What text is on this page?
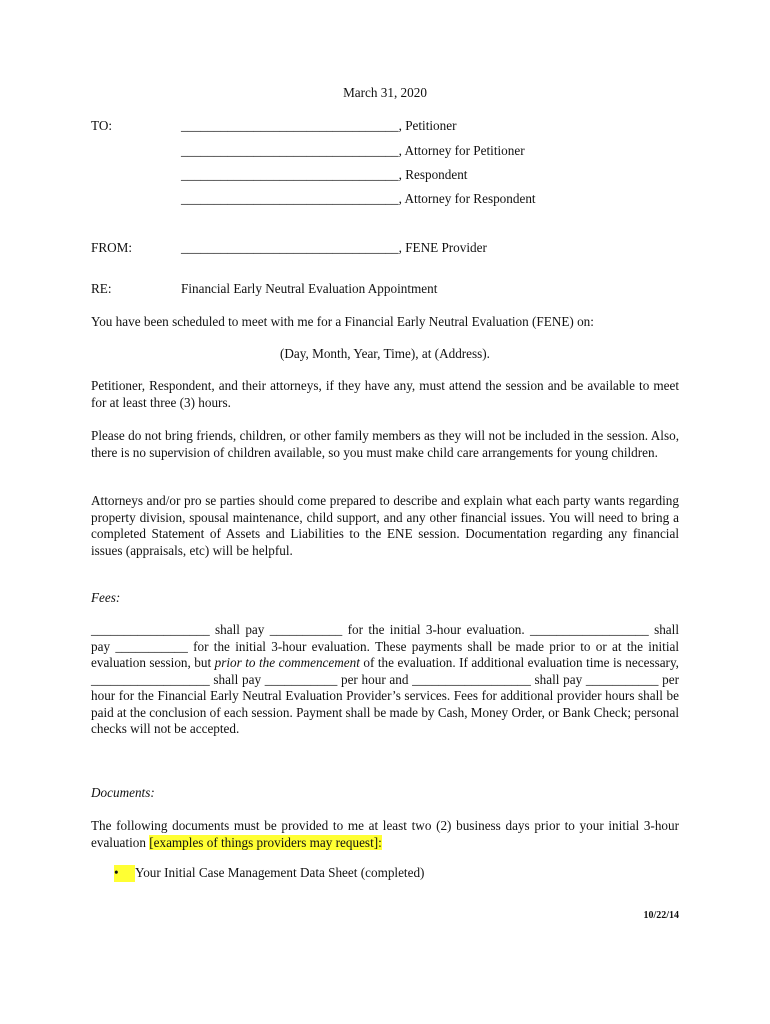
March 31, 2020
TO:	_________________________________, Petitioner
_________________________________, Attorney for Petitioner
_________________________________, Respondent
_________________________________, Attorney for Respondent
FROM:	_________________________________, FENE Provider
RE:	Financial Early Neutral Evaluation Appointment
You have been scheduled to meet with me for a Financial Early Neutral Evaluation (FENE) on:
(Day, Month, Year, Time), at (Address).
Petitioner, Respondent, and their attorneys, if they have any, must attend the session and be available to meet for at least three (3) hours.
Please do not bring friends, children, or other family members as they will not be included in the session. Also, there is no supervision of children available, so you must make child care arrangements for young children.
Attorneys and/or pro se parties should come prepared to describe and explain what each party wants regarding property division, spousal maintenance, child support, and any other financial issues. You will need to bring a completed Statement of Assets and Liabilities to the ENE session. Documentation regarding any financial issues (appraisals, etc) will be helpful.
Fees:
__________________ shall pay ___________ for the initial 3-hour evaluation. __________________ shall pay ___________ for the initial 3-hour evaluation. These payments shall be made prior to or at the initial evaluation session, but prior to the commencement of the evaluation. If additional evaluation time is necessary, __________________ shall pay ___________ per hour and __________________ shall pay ___________ per hour for the Financial Early Neutral Evaluation Provider’s services. Fees for additional provider hours shall be paid at the conclusion of each session. Payment shall be made by Cash, Money Order, or Bank Check; personal checks will not be accepted.
Documents:
The following documents must be provided to me at least two (2) business days prior to your initial 3-hour evaluation [examples of things providers may request]:
• Your Initial Case Management Data Sheet (completed)
10/22/14
